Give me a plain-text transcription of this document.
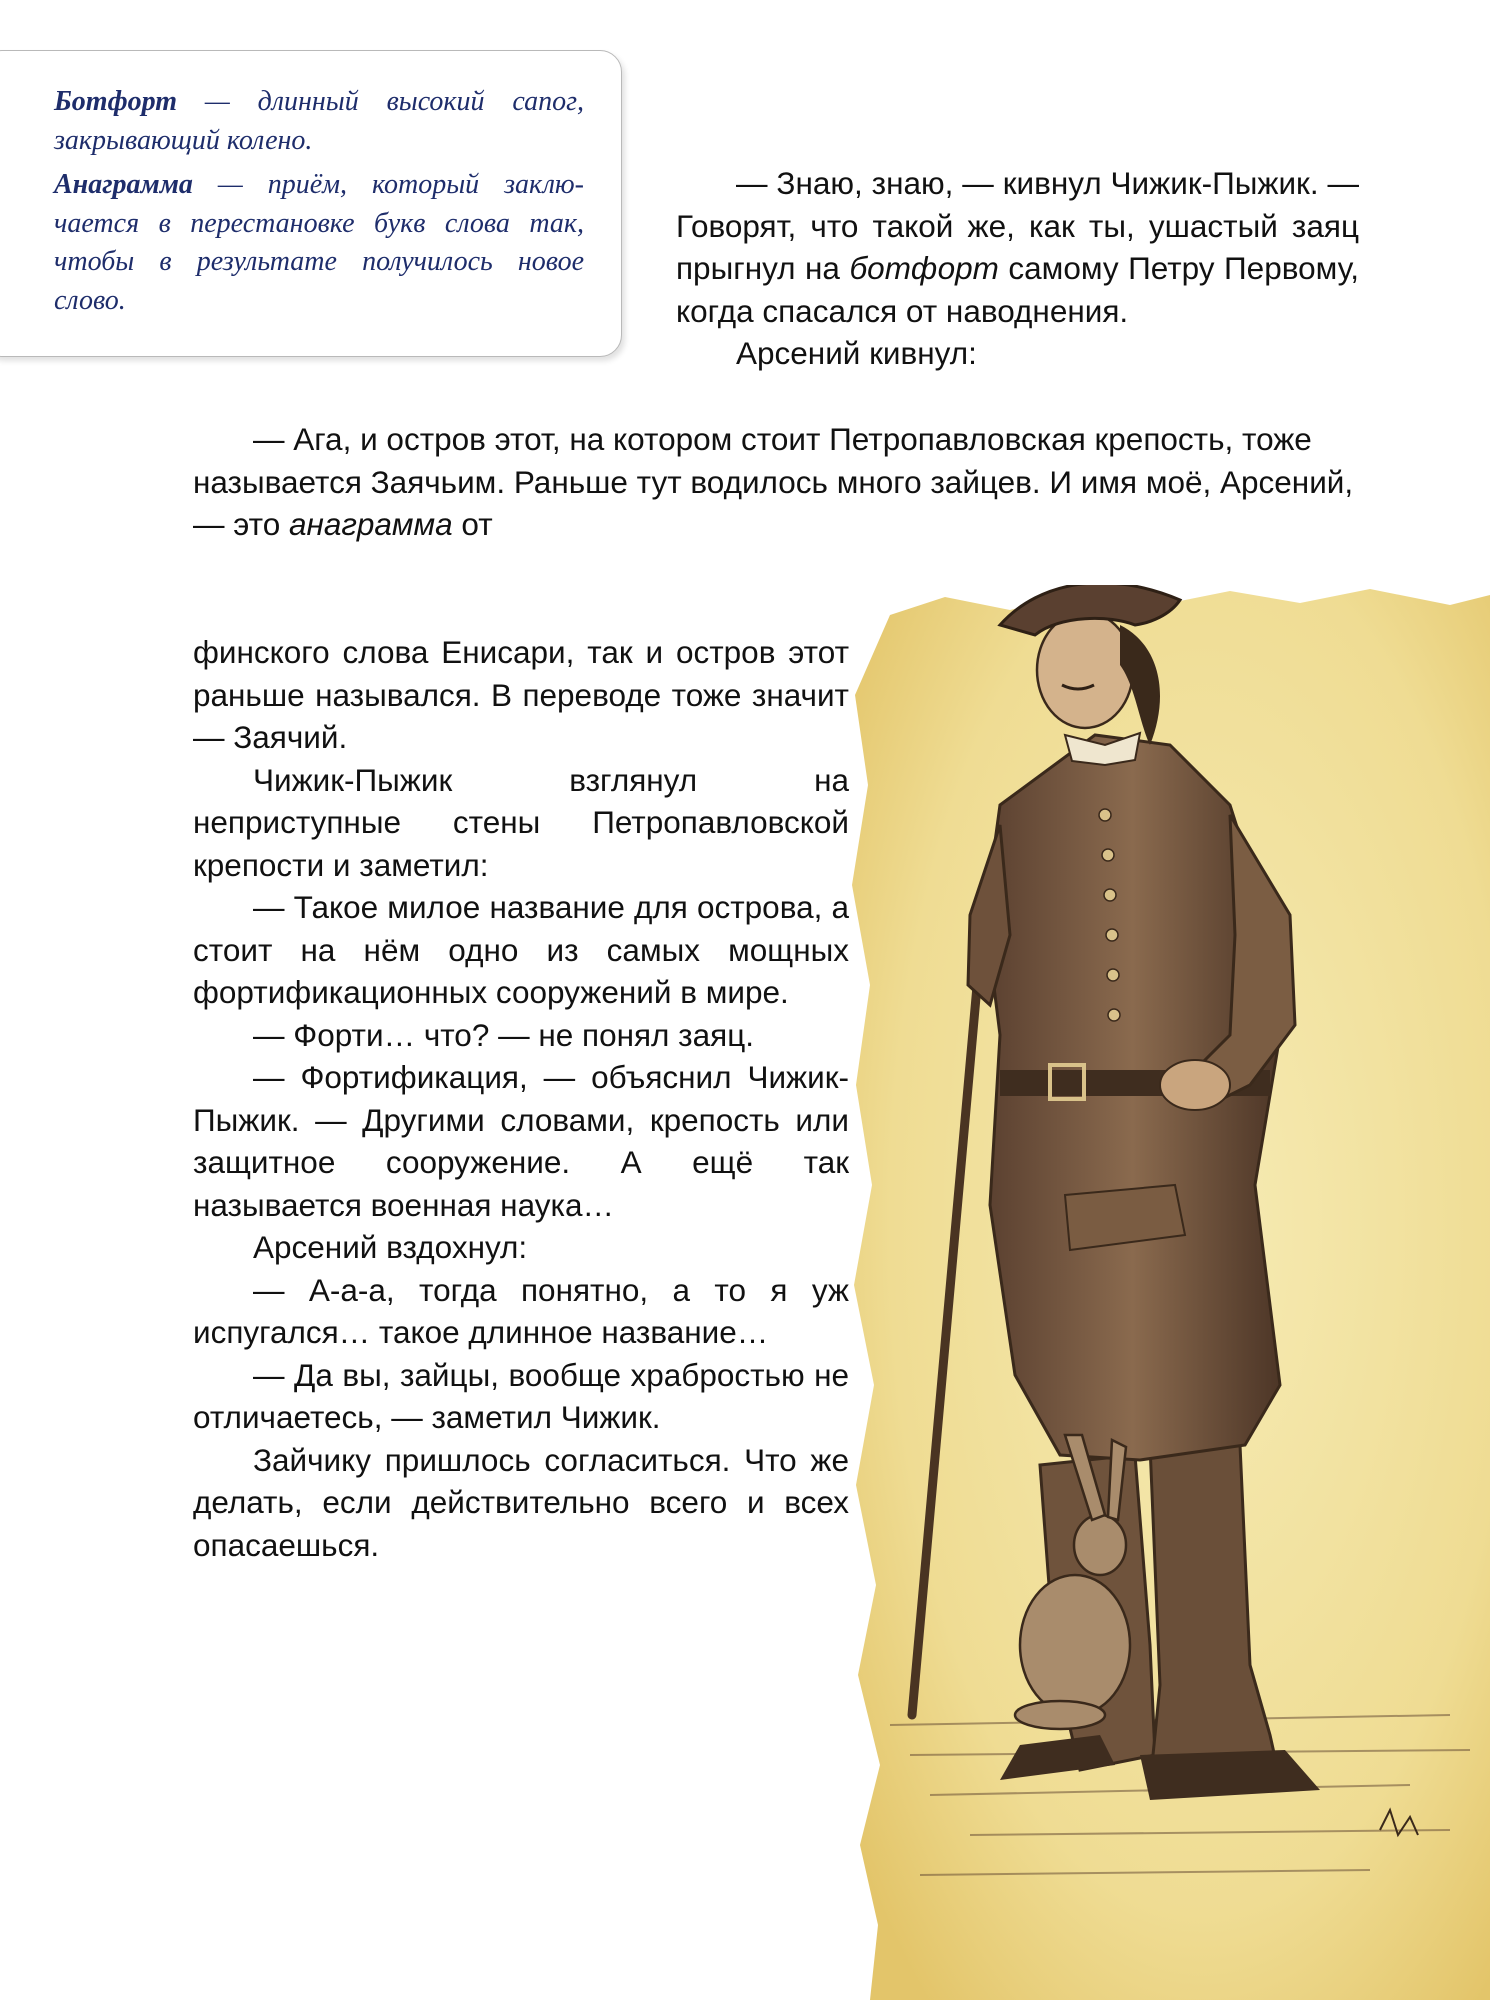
Ботфорт — длинный высокий сапог, закрывающий колено.

Анаграмма — приём, который заключается в перестановке букв слова так, чтобы в результате получилось новое слово.

— Знаю, знаю, — кивнул Чижик-Пыжик. — Говорят, что такой же, как ты, ушастый заяц прыгнул на ботфорт самому Петру Первому, когда спасался от наводнения.

Арсений кивнул:

— Ага, и остров этот, на котором стоит Петропавловская крепость, тоже называется Заячьим. Раньше тут водилось много зайцев. И имя моё, Арсений, — это анаграмма от

финского слова Енисари, так и остров этот раньше назывался. В переводе тоже значит — Заячий.

Чижик-Пыжик взглянул на неприступные стены Петропавловской крепости и заметил:

— Такое милое название для острова, а стоит на нём одно из самых мощных фортификационных сооружений в мире.

— Форти… что? — не понял заяц.

— Фортификация, — объяснил Чижик-Пыжик. — Другими словами, крепость или защитное сооружение. А ещё так называется военная наука…

Арсений вздохнул:

— А-а-а, тогда понятно, а то я уж испугался… такое длинное название…

— Да вы, зайцы, вообще храбростью не отличаетесь, — заметил Чижик.

Зайчику пришлось согласиться. Что же делать, если действительно всего и всех опасаешься.
